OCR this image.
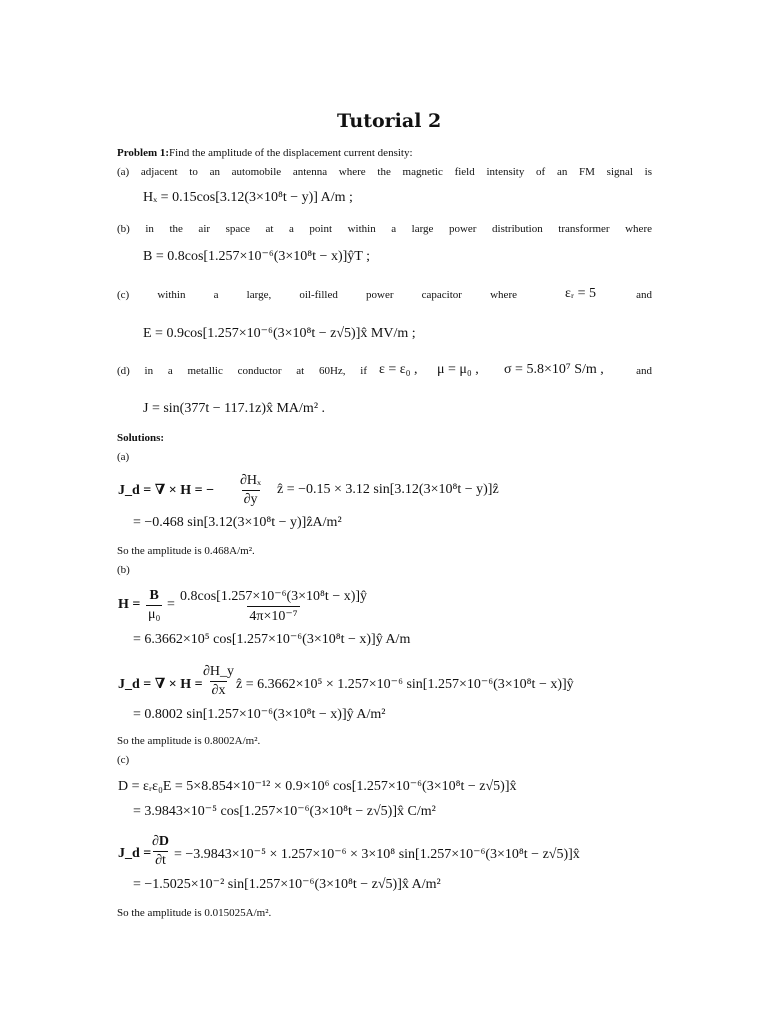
Tutorial 2
Problem 1:Find the amplitude of the displacement current density:
(a) adjacent to an automobile antenna where the magnetic field intensity of an FM signal is
Hₓ = 0.15cos[3.12(3×10⁸t − y)] A/m ;
(b) in the air space at a point within a large power distribution transformer where
B = 0.8cos[1.257×10⁻⁶(3×10⁸t − x)]ŷT ;
(c) within a large, oil-filled power capacitor where	εᵣ = 5	and
E = 0.9cos[1.257×10⁻⁶(3×10⁸t − z√5)]x̂ MV/m ;
(d) in a metallic conductor at 60Hz, if ε = ε₀ , μ = μ₀ , σ = 5.8×10⁷ S/m ,	and
J = sin(377t − 117.1z)x̂ MA/m² .
Solutions:
(a)
J_d = ∇ × H = − $\frac{\text{∂Hₓ}}{\partial y}$ ẑ = −0.15 × 3.12 sin[3.12(3×10⁸t − y)]ẑ
= −0.468 sin[3.12(3×10⁸t − y)]ẑA/m²
So the amplitude is 0.468A/m².
(b)
$H = \frac{B}{\text{μ₀}} = \frac{\text{0.8cos[1.257×10⁻⁶(3×10⁸t − x)]ŷ}}{\text{4π×10⁻⁷}}$
= 6.3662×10⁵ cos[1.257×10⁻⁶(3×10⁸t − x)]ŷ A/m
J_d = ∇ × H =
$\frac{\partial H\_y}{\partial x}$ ẑ = 6.3662×10⁵ × 1.257×10⁻⁶ sin[1.257×10⁻⁶(3×10⁸t − x)]ŷ
= 0.8002 sin[1.257×10⁻⁶(3×10⁸t − x)]ŷ A/m²
So the amplitude is 0.8002A/m².
(c)
D = εᵣε₀E = 5×8.854×10⁻¹² × 0.9×10⁶ cos[1.257×10⁻⁶(3×10⁸t − z√5)]x̂
= 3.9843×10⁻⁵ cos[1.257×10⁻⁶(3×10⁸t − z√5)]x̂ C/m²
J_d =
$\frac{\partial D}{\partial t} = -3.9843\times 10^{-5} \times 1.257\times 10^{-6} \times 3\times 10^8$ sin[1.257×10⁻⁶(3×10⁸t − z√5)]x̂
= −1.5025×10⁻² sin[1.257×10⁻⁶(3×10⁸t − z√5)]x̂ A/m²
So the amplitude is 0.015025A/m².
